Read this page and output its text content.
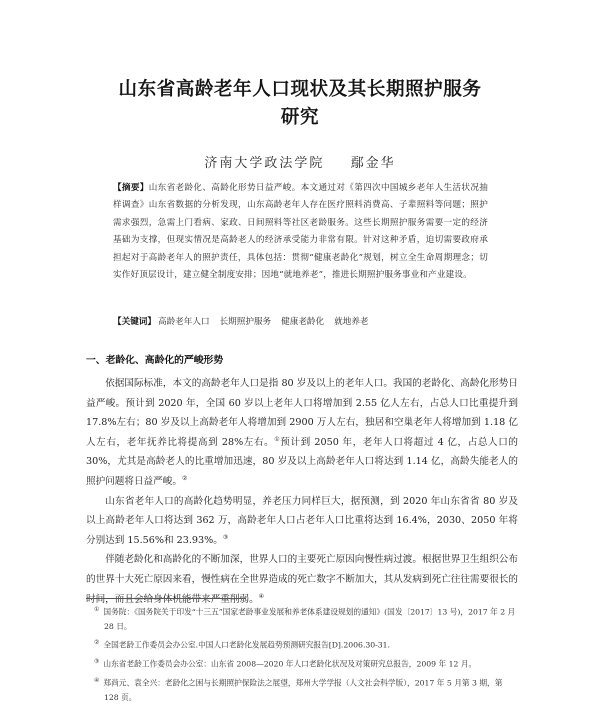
山东省高龄老年人口现状及其长期照护服务
研究
济南大学政法学院 鄢金华
【摘要】山东省老龄化、高龄化形势日益严峻。本文通过对《第四次中国城乡老年人生活状况抽样调查》山东省数据的分析发现，山东高龄老年人存在医疗照料消费高、子辈照料等问题；照护需求强烈，急需上门看病、家政、日间照料等社区老龄服务。这些长期照护服务需要一定的经济基础为支撑，但现实情况是高龄老人的经济承受能力非常有限。针对这种矛盾，迫切需要政府承担起对于高龄老年人的照护责任，具体包括：贯彻“健康老龄化”规划，树立全生命周期理念；切实作好顶层设计，建立健全制度安排；因地“就地养老”，推进长期照护服务事业和产业建设。
【关键词】 高龄老年人口 长期照护服务 健康老龄化 就地养老
一、老龄化、高龄化的严峻形势

依据国际标准，本文的高龄老年人口是指 80 岁及以上的老年人口。我国的老龄化、高龄化形势日益严峻。预计到 2020 年，全国 60 岁以上老年人口将增加到 2.55 亿人左右，占总人口比重提升到 17.8%左右；80 岁及以上高龄老年人将增加到 2900 万人左右，独居和空巢老年人将增加到 1.18 亿人左右，老年抚养比将提高到 28%左右。①预计到 2050 年，老年人口将超过 4 亿，占总人口的 30%，尤其是高龄老人的比重增加迅速，80 岁及以上高龄老年人口将达到 1.14 亿，高龄失能老人的照护问题将日益严峻。②

山东省老年人口的高龄化趋势明显，养老压力同样巨大，据预测，到 2020 年山东省省 80 岁及以上高龄老年人口将达到 362 万，高龄老年人口占老年人口比重将达到 16.4%，2030、2050 年将分别达到 15.56%和 23.93%。③

伴随老龄化和高龄化的不断加深，世界人口的主要死亡原因向慢性病过渡。根据世界卫生组织公布的世界十大死亡原因来看，慢性病在全世界造成的死亡数字不断加大，其从发病到死亡往往需要很长的时间，而且会给身体机能带来严重削弱。④

① 国务院：《国务院关于印发“十三五”国家老龄事业发展和养老体系建设规划的通知》(国发〔2017〕13 号)，2017 年 2 月 28 日。
② 全国老龄工作委员会办公室.中国人口老龄化发展趋势预测研究报告[D].2006.30-31.
③ 山东省老龄工作委员会办公室：山东省 2008—2020 年人口老龄化状况及对策研究总报告，2009 年 12 月。
④ 郑尚元、袁全兴：老龄化之困与长期照护保险法之展望，郑州大学学报（人文社会科学版），2017 年 5 月第 3 期，第 128 页。
